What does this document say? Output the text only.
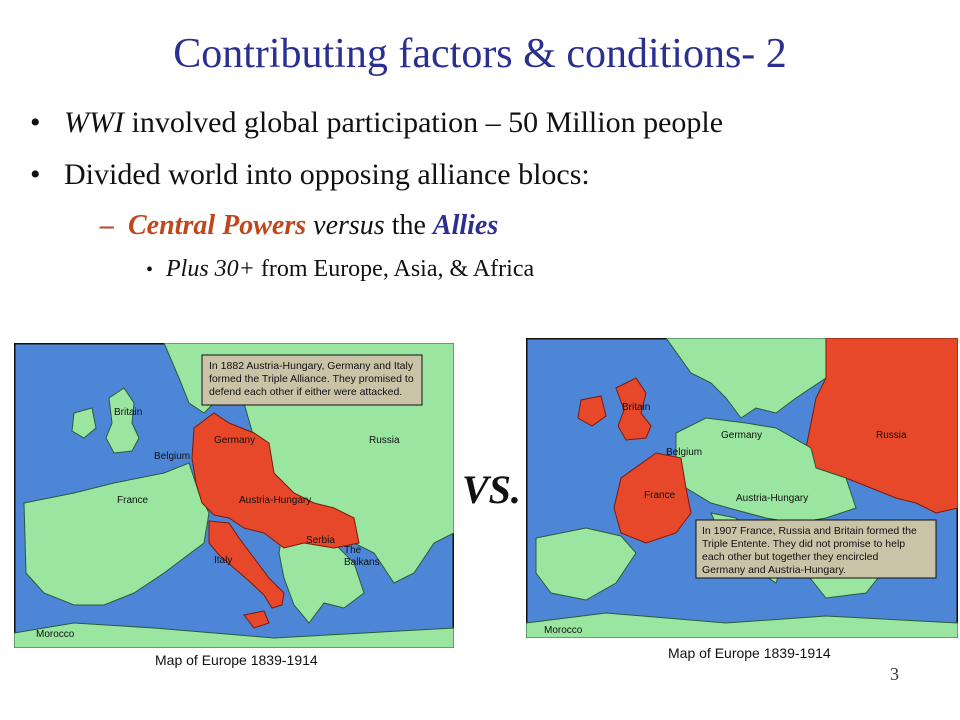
Contributing factors & conditions- 2
• WWI involved global participation – 50 Million people
• Divided world into opposing alliance blocs:
– Central Powers versus the Allies
• Plus 30+ from Europe, Asia, & Africa
In 1882 Austria-Hungary, Germany and Italy
formed the Triple Alliance. They promised to
defend each other if either were attacked.
Britain
Germany	Russia
Belgium
France	Austria-Hungary
Serbia
The
Balkans
Italy
Morocco
Map of Europe 1839-1914
VS.
In 1907 France, Russia and Britain formed the
Triple Entente. They did not promise to help
each other but together they encircled
Germany and Austria-Hungary.
Britain
Germany	Russia
Belgium
France	Austria-Hungary
Morocco
Map of Europe 1839-1914
3
